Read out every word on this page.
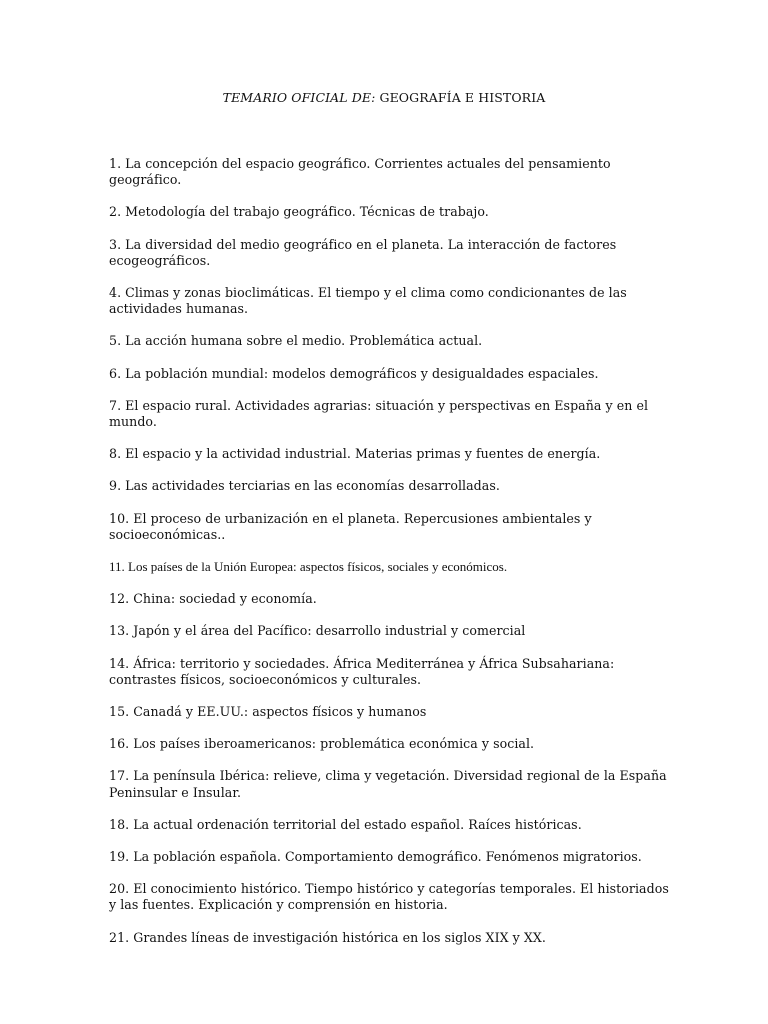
TEMARIO OFICIAL DE: GEOGRAFÍA E HISTORIA
1. La concepción del espacio geográfico. Corrientes actuales del pensamiento geográfico.
2. Metodología del trabajo geográfico. Técnicas de trabajo.
3. La diversidad del medio geográfico en el planeta. La interacción de factores ecogeográficos.
4. Climas y zonas bioclimáticas. El tiempo y el clima como condicionantes de las actividades humanas.
5. La acción humana sobre el medio. Problemática actual.
6. La población mundial: modelos demográficos y desigualdades espaciales.
7. El espacio rural. Actividades agrarias: situación y perspectivas en España y en el mundo.
8. El espacio y la actividad industrial. Materias primas y fuentes de energía.
9. Las actividades terciarias en las economías desarrolladas.
10. El proceso de urbanización en el planeta. Repercusiones ambientales y socioeconómicas..
11. Los países de la Unión Europea: aspectos físicos, sociales y económicos.
12. China: sociedad y economía.
13. Japón y el área del Pacífico: desarrollo industrial y comercial
14. África: territorio y sociedades. África Mediterránea y África Subsahariana: contrastes físicos, socioeconómicos y culturales.
15. Canadá y EE.UU.: aspectos físicos y humanos
16. Los países iberoamericanos: problemática económica y social.
17. La península Ibérica: relieve, clima y vegetación. Diversidad regional de la España Peninsular e Insular.
18. La actual ordenación territorial del estado español. Raíces históricas.
19. La población española. Comportamiento demográfico. Fenómenos migratorios.
20. El conocimiento histórico. Tiempo histórico y categorías temporales. El historiados y las fuentes. Explicación y comprensión en historia.
21. Grandes líneas de investigación histórica en los siglos XIX y XX.
